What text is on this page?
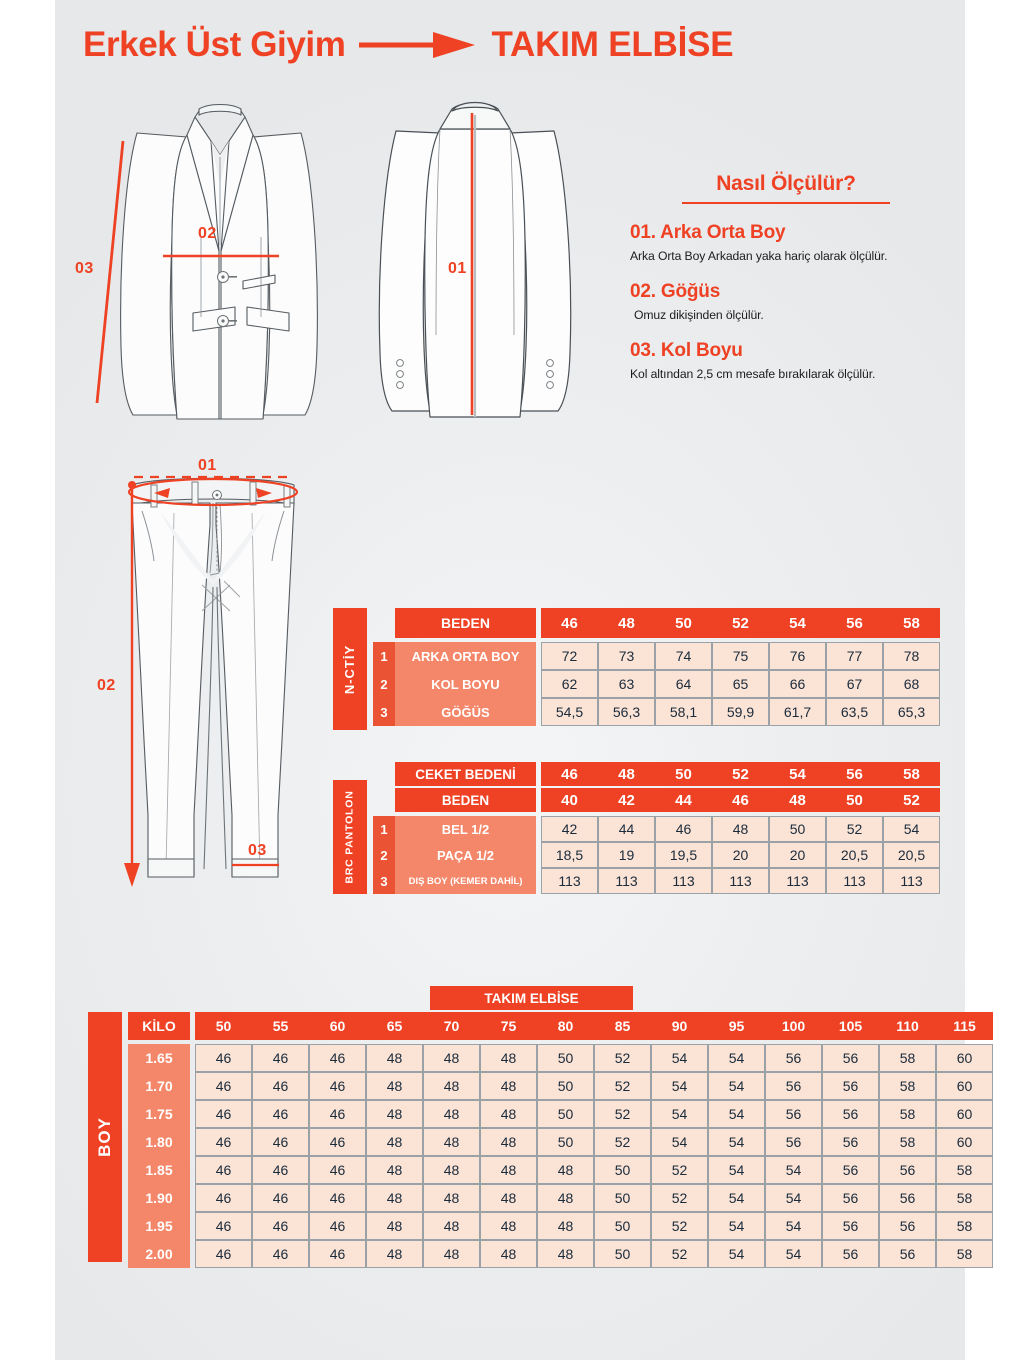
Erkek Üst Giyim	TAKIM ELBİSE
02
03	01
01
02
03
Nasıl Ölçülür?
01. Arka Orta Boy
Arka Orta Boy Arkadan yaka hariç olarak ölçülür.
02. Göğüs
Omuz dikişinden ölçülür.
03. Kol Boyu
Kol altından 2,5 cm mesafe bırakılarak ölçülür.
N-CTİY
BEDEN	46	48	50	52	54	56	58
1	ARKA ORTA BOY	72	73	74	75	76	77	78
2	KOL BOYU	62	63	64	65	66	67	68
3	GÖĞÜS	54,5	56,3	58,1	59,9	61,7	63,5	65,3
BRC PANTOLON
CEKET BEDENİ	46	48	50	52	54	56	58
BEDEN	40	42	44	46	48	50	52
1	BEL 1/2	42	44	46	48	50	52	54
2	PAÇA 1/2	18,5	19	19,5	20	20	20,5	20,5
3	DIŞ BOY (KEMER DAHİL)	113	113	113	113	113	113	113
TAKIM ELBİSE
BOY
KİLO	50	55	60	65	70	75	80	85	90	95	100	105	110	115
1.65	46	46	46	48	48	48	50	52	54	54	56	56	58	60
1.70	46	46	46	48	48	48	50	52	54	54	56	56	58	60
1.75	46	46	46	48	48	48	50	52	54	54	56	56	58	60
1.80	46	46	46	48	48	48	50	52	54	54	56	56	58	60
1.85	46	46	46	48	48	48	48	50	52	54	54	56	56	58
1.90	46	46	46	48	48	48	48	50	52	54	54	56	56	58
1.95	46	46	46	48	48	48	48	50	52	54	54	56	56	58
2.00	46	46	46	48	48	48	48	50	52	54	54	56	56	58
